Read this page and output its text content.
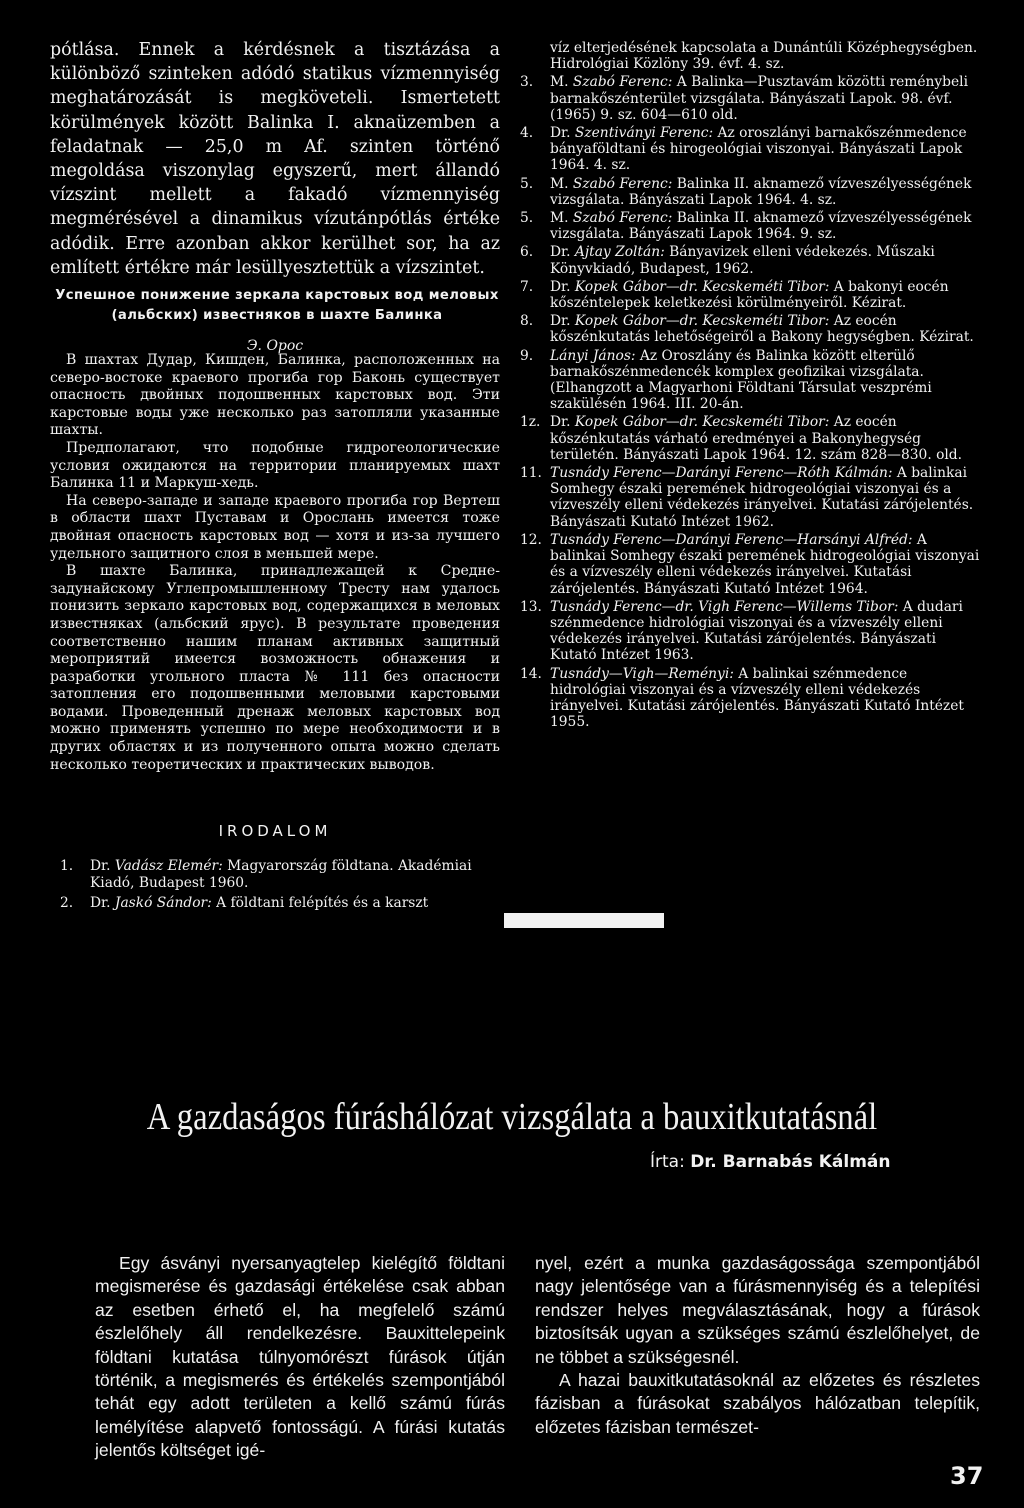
pótlása. Ennek a kérdésnek a tisztázása a különböző szinteken adódó statikus vízmennyiség meghatározását is megköveteli. Ismertetett körülmények között Balinka I. aknaüzemben a feladatnak — 25,0 m Af. szinten történő megoldása viszonylag egyszerű, mert állandó vízszint mellett a fakadó vízmennyiség megmérésével a dinamikus vízutánpótlás értéke adódik. Erre azonban akkor kerülhet sor, ha az említett értékre már lesüllyesztettük a vízszintet.

Успешное понижение зеркала карстовых вод меловых (альбских) известняков в шахте Балинка
Э. Орос

В шахтах Дудар, Кишден, Балинка, расположенных на северо-востоке краевого прогиба гор Баконь существует опасность двойных подошвенных карстовых вод. Эти карстовые воды уже несколько раз затопляли указанные шахты.

Предполагают, что подобные гидрогеологические условия ожидаются на территории планируемых шахт Балинка 11 и Маркуш-хедь.

На северо-западе и западе краевого прогиба гор Вертеш в области шахт Пуставам и Орослань имеется тоже двойная опасность карстовых вод — хотя и из-за лучшего удельного защитного слоя в меньшей мере.

В шахте Балинка, принадлежащей к Средне-задунайскому Углепромышленному Тресту нам удалось понизить зеркало карстовых вод, содержащихся в меловых известняках (альбский ярус). В результате проведения соответственно нашим планам активных защитный мероприятий имеется возможность обнажения и разработки угольного пласта № 111 без опасности затопления его подошвенными меловыми карстовыми водами. Проведенный дренаж меловых карстовых вод можно применять успешно по мере необходимости и в других областях и из полученного опыта можно сделать несколько теоретических и практических выводов.

IRODALOM
1.	Dr. Vadász Elemér: Magyarország földtana. Akadémiai Kiadó, Budapest 1960.
2.	Dr. Jaskó Sándor: A földtani felépítés és a karszt
víz elterjedésének kapcsolata a Dunántúli Középhegységben. Hidrológiai Közlöny 39. évf. 4. sz.
3.	M. Szabó Ferenc: A Balinka—Pusztavám közötti reménybeli barnakőszénterület vizsgálata. Bányászati Lapok. 98. évf. (1965) 9. sz. 604—610 old.
4.	Dr. Szentiványi Ferenc: Az oroszlányi barnakőszénmedence bányaföldtani és hirogeológiai viszonyai. Bányászati Lapok 1964. 4. sz.
5.	M. Szabó Ferenc: Balinka II. aknamező vízveszélyességének vizsgálata. Bányászati Lapok 1964. 4. sz.
5.	M. Szabó Ferenc: Balinka II. aknamező vízveszélyességének vizsgálata. Bányászati Lapok 1964. 9. sz.
6.	Dr. Ajtay Zoltán: Bányavizek elleni védekezés. Műszaki Könyvkiadó, Budapest, 1962.
7.	Dr. Kopek Gábor—dr. Kecskeméti Tibor: A bakonyi eocén kőszéntelepek keletkezési körülményeiről. Kézirat.
8.	Dr. Kopek Gábor—dr. Kecskeméti Tibor: Az eocén kőszénkutatás lehetőségeiről a Bakony hegységben. Kézirat.
9.	Lányi János: Az Oroszlány és Balinka között elterülő barnakőszénmedencék komplex geofizikai vizsgálata. (Elhangzott a Magyarhoni Földtani Társulat veszprémi szakülésén 1964. III. 20-án.
1z. Dr. Kopek Gábor—dr. Kecskeméti Tibor: Az eocén kőszénkutatás várható eredményei a Bakonyhegység területén. Bányászati Lapok 1964. 12. szám 828—830. old.
11. Tusnády Ferenc—Darányi Ferenc—Róth Kálmán: A balinkai Somhegy északi peremének hidrogeológiai viszonyai és a vízveszély elleni védekezés irányelvei. Kutatási zárójelentés. Bányászati Kutató Intézet 1962.
12. Tusnády Ferenc—Darányi Ferenc—Harsányi Alfréd: A balinkai Somhegy északi peremének hidrogeológiai viszonyai és a vízveszély elleni védekezés irányelvei. Kutatási zárójelentés. Bányászati Kutató Intézet 1964.
13. Tusnády Ferenc—dr. Vigh Ferenc—Willems Tibor: A dudari szénmedence hidrológiai viszonyai és a vízveszély elleni védekezés irányelvei. Kutatási zárójelentés. Bányászati Kutató Intézet 1963.
14. Tusnády—Vigh—Reményi: A balinkai szénmedence hidrológiai viszonyai és a vízveszély elleni védekezés irányelvei. Kutatási zárójelentés. Bányászati Kutató Intézet 1955.
A gazdaságos fúráshálózat vizsgálata a bauxitkutatásnál
Írta: Dr. Barnabás Kálmán

Egy ásványi nyersanyagtelep kielégítő földtani megismerése és gazdasági értékelése csak abban az esetben érhető el, ha megfelelő számú észlelőhely áll rendelkezésre. Bauxittelepeink földtani kutatása túlnyomórészt fúrások útján történik, a megismerés és értékelés szempontjából tehát egy adott területen a kellő számú fúrás lemélyítése alapvető fontosságú. A fúrási kutatás jelentős költséget igé-

nyel, ezért a munka gazdaságossága szempontjából nagy jelentősége van a fúrásmennyiség és a telepítési rendszer helyes megválasztásának, hogy a fúrások biztosítsák ugyan a szükséges számú észlelőhelyet, de ne többet a szükségesnél.

A hazai bauxitkutatásoknál az előzetes és részletes fázisban a fúrásokat szabályos hálózatban telepítik, előzetes fázisban természet-

37
